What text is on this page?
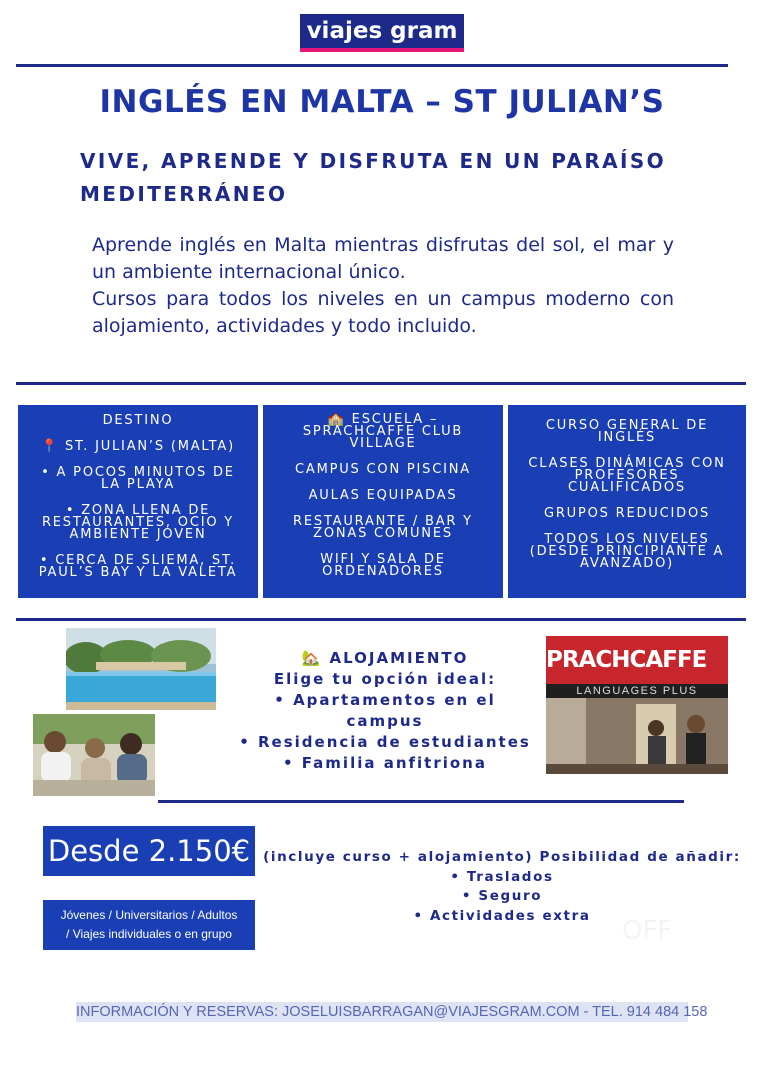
viajes gram
INGLÉS EN MALTA – ST JULIAN’S
VIVE, APRENDE Y DISFRUTA EN UN PARAÍSO
MEDITERRÁNEO

Aprende inglés en Malta mientras disfrutas del sol, el mar y un ambiente internacional único.

Cursos para todos los niveles en un campus moderno con alojamiento, actividades y todo incluido.

DESTINO
📍 ST. JULIAN’S (MALTA)
• A POCOS MINUTOS DE
LA PLAYA
• ZONA LLENA DE
RESTAURANTES, OCIO Y
AMBIENTE JOVEN
• CERCA DE SLIEMA, ST.
PAUL’S BAY Y LA VALETA
🏫 ESCUELA –
SPRACHCAFFE CLUB
VILLAGE
CAMPUS CON PISCINA
AULAS EQUIPADAS
RESTAURANTE / BAR Y
ZONAS COMUNES
WIFI Y SALA DE
ORDENADORES
CURSO GENERAL DE
INGLÉS
CLASES DINÁMICAS CON
PROFESORES
CUALIFICADOS
GRUPOS REDUCIDOS
TODOS LOS NIVELES
(DESDE PRINCIPIANTE A
AVANZADO)
🏡 ALOJAMIENTO
Elige tu opción ideal:
• Apartamentos en el
campus
• Residencia de estudiantes
• Familia anfitriona
PRACHCAFFE
LANGUAGES PLUS
Desde 2.150€
Jóvenes / Universitarios / Adultos
/ Viajes individuales o en grupo
(incluye curso + alojamiento) Posibilidad de añadir:
• Traslados
• Seguro
• Actividades extra
OFF
INFORMACIÓN Y RESERVAS: JOSELUISBARRAGAN@VIAJESGRAM.COM - TEL. 914 484 158
